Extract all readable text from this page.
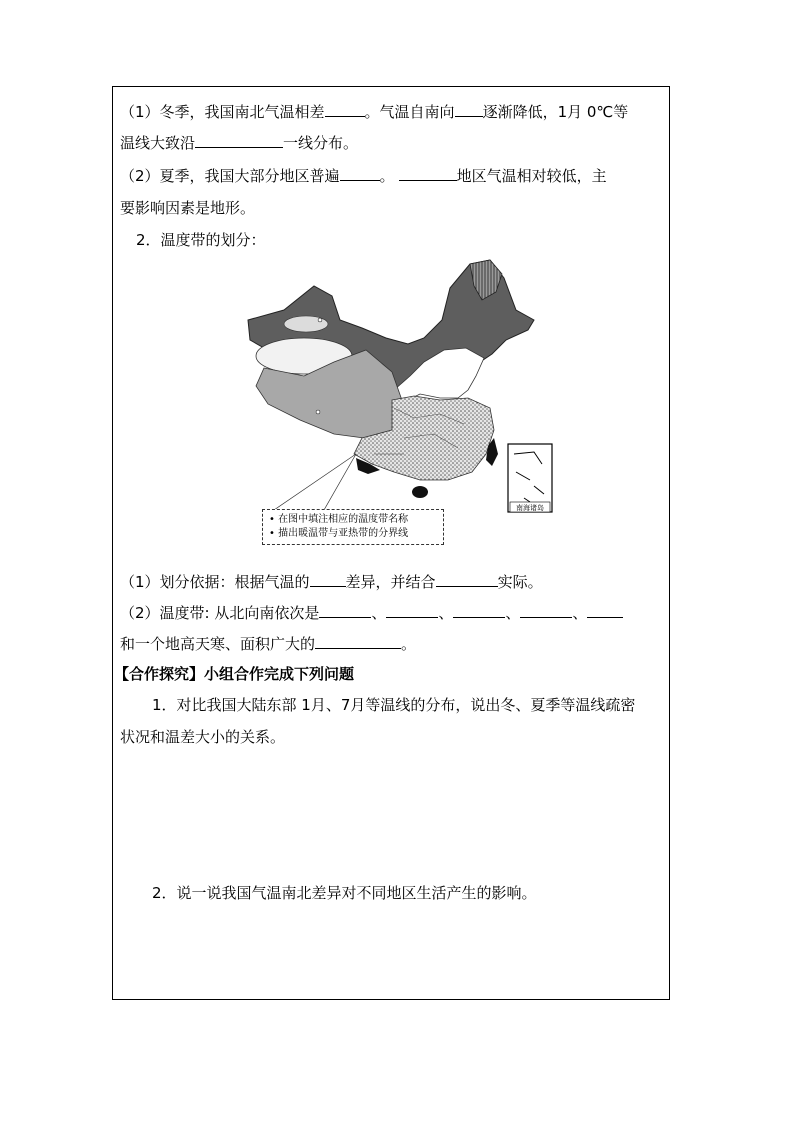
（1）冬季，我国南北气温相差	。气温自南向 逐渐降低，1月 0℃等
温线大致沿	一线分布。
（2）夏季，我国大部分地区普遍	。	地区气温相对较低，主
要影响因素是地形。
2．温度带的划分：
南海诸岛
• 在图中填注相应的温度带名称
• 描出暖温带与亚热带的分界线
（1）划分依据：根据气温的 差异，并结合	实际。
（2）温度带: 从北向南依次是	、	、	、	、
和一个地高天寒、面积广大的	。
【合作探究】小组合作完成下列问题
1．对比我国大陆东部 1月、7月等温线的分布，说出冬、夏季等温线疏密
状况和温差大小的关系。
2．说一说我国气温南北差异对不同地区生活产生的影响。
